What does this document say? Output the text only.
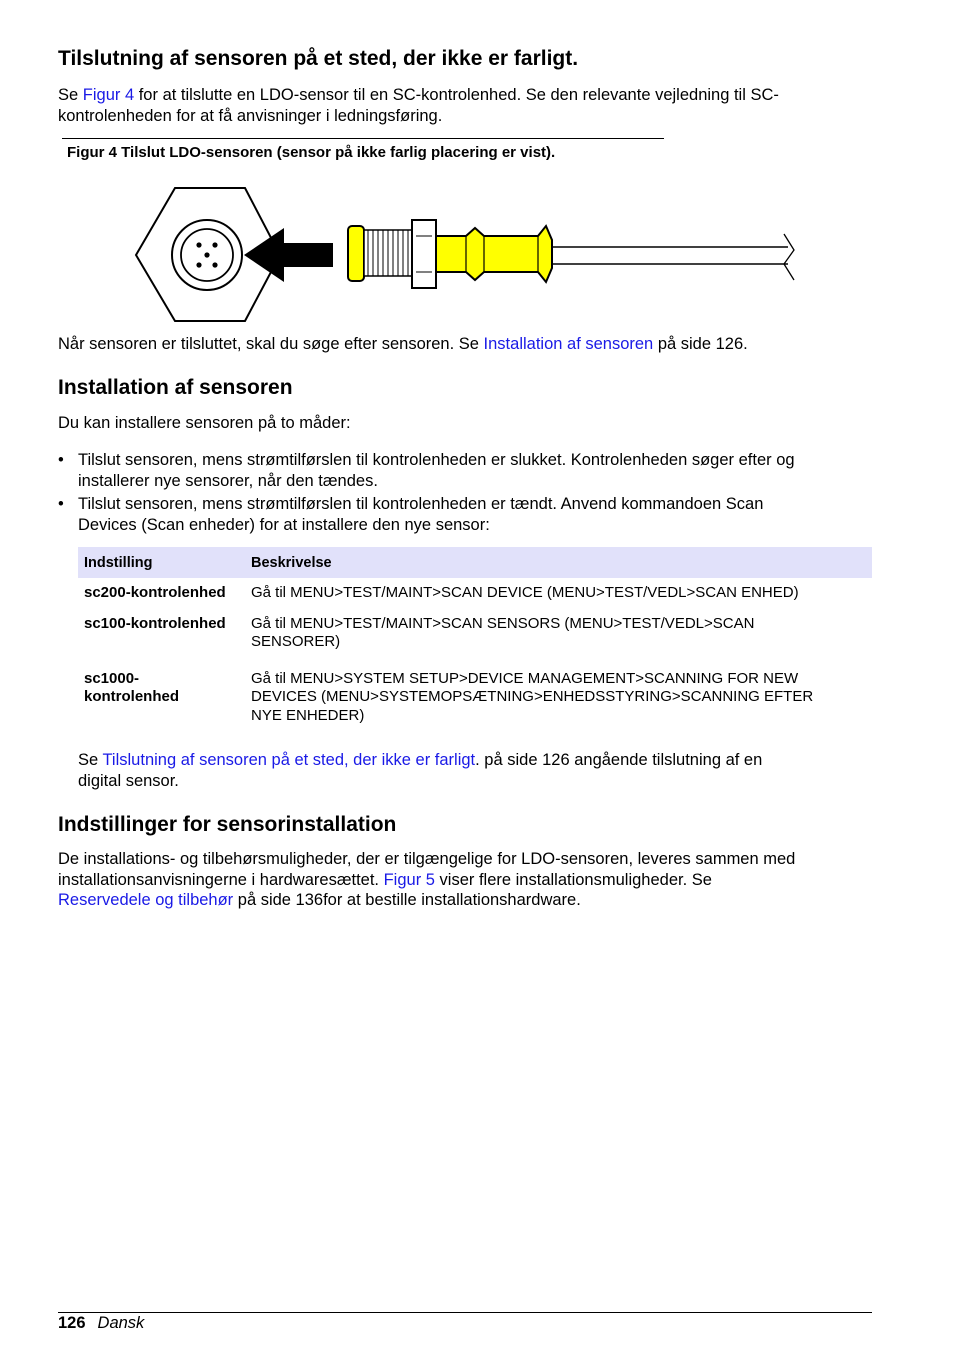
Tilslutning af sensoren på et sted, der ikke er farligt.

Se Figur 4 for at tilslutte en LDO-sensor til en SC-kontrolenhed. Se den relevante vejledning til SC-
kontrolenheden for at få anvisninger i ledningsføring.

Figur 4 Tilslut LDO-sensoren (sensor på ikke farlig placering er vist).

Når sensoren er tilsluttet, skal du søge efter sensoren. Se Installation af sensoren på side 126.

Installation af sensoren

Du kan installere sensoren på to måder:

• Tilslut sensoren, mens strømtilførslen til kontrolenheden er slukket. Kontrolenheden søger efter og
installerer nye sensorer, når den tændes.
• Tilslut sensoren, mens strømtilførslen til kontrolenheden er tændt. Anvend kommandoen Scan
Devices (Scan enheder) for at installere den nye sensor:
Indstilling	Beskrivelse
sc200-kontrolenhed	Gå til MENU>TEST/MAINT>SCAN DEVICE (MENU>TEST/VEDL>SCAN ENHED)
sc100-kontrolenhed	Gå til MENU>TEST/MAINT>SCAN SENSORS (MENU>TEST/VEDL>SCAN
SENSORER)
sc1000-
kontrolenhed	Gå til MENU>SYSTEM SETUP>DEVICE MANAGEMENT>SCANNING FOR NEW
DEVICES (MENU>SYSTEMOPSÆTNING>ENHEDSSTYRING>SCANNING EFTER
NYE ENHEDER)

Se Tilslutning af sensoren på et sted, der ikke er farligt. på side 126 angående tilslutning af en
digital sensor.

Indstillinger for sensorinstallation

De installations- og tilbehørsmuligheder, der er tilgængelige for LDO-sensoren, leveres sammen med
installationsanvisningerne i hardwaresættet. Figur 5 viser flere installationsmuligheder. Se
Reservedele og tilbehør på side 136for at bestille installationshardware.

126 Dansk
